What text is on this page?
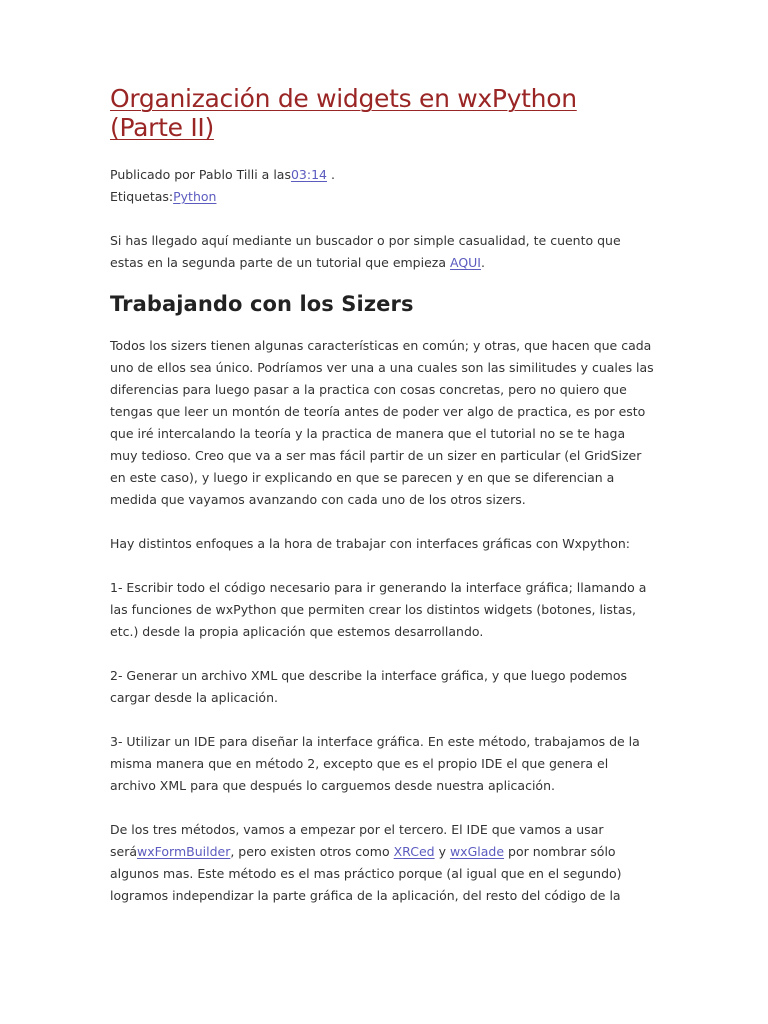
Organización de widgets en wxPython (Parte II)
Publicado por Pablo Tilli a las03:14 .
Etiquetas:Python

Si has llegado aquí mediante un buscador o por simple casualidad, te cuento que estas en la segunda parte de un tutorial que empieza AQUI.

Trabajando con los Sizers

Todos los sizers tienen algunas características en común; y otras, que hacen que cada uno de ellos sea único. Podríamos ver una a una cuales son las similitudes y cuales las diferencias para luego pasar a la practica con cosas concretas, pero no quiero que tengas que leer un montón de teoría antes de poder ver algo de practica, es por esto que iré intercalando la teoría y la practica de manera que el tutorial no se te haga muy tedioso. Creo que va a ser mas fácil partir de un sizer en particular (el GridSizer en este caso), y luego ir explicando en que se parecen y en que se diferencian a medida que vayamos avanzando con cada uno de los otros sizers.

Hay distintos enfoques a la hora de trabajar con interfaces gráficas con Wxpython:

1- Escribir todo el código necesario para ir generando la interface gráfica; llamando a las funciones de wxPython que permiten crear los distintos widgets (botones, listas, etc.) desde la propia aplicación que estemos desarrollando.

2- Generar un archivo XML que describe la interface gráfica, y que luego podemos cargar desde la aplicación.

3- Utilizar un IDE para diseñar la interface gráfica. En este método, trabajamos de la misma manera que en método 2, excepto que es el propio IDE el que genera el archivo XML para que después lo carguemos desde nuestra aplicación.

De los tres métodos, vamos a empezar por el tercero. El IDE que vamos a usar seráwxFormBuilder, pero existen otros como XRCed y wxGlade por nombrar sólo algunos mas. Este método es el mas práctico porque (al igual que en el segundo) logramos independizar la parte gráfica de la aplicación, del resto del código de la
